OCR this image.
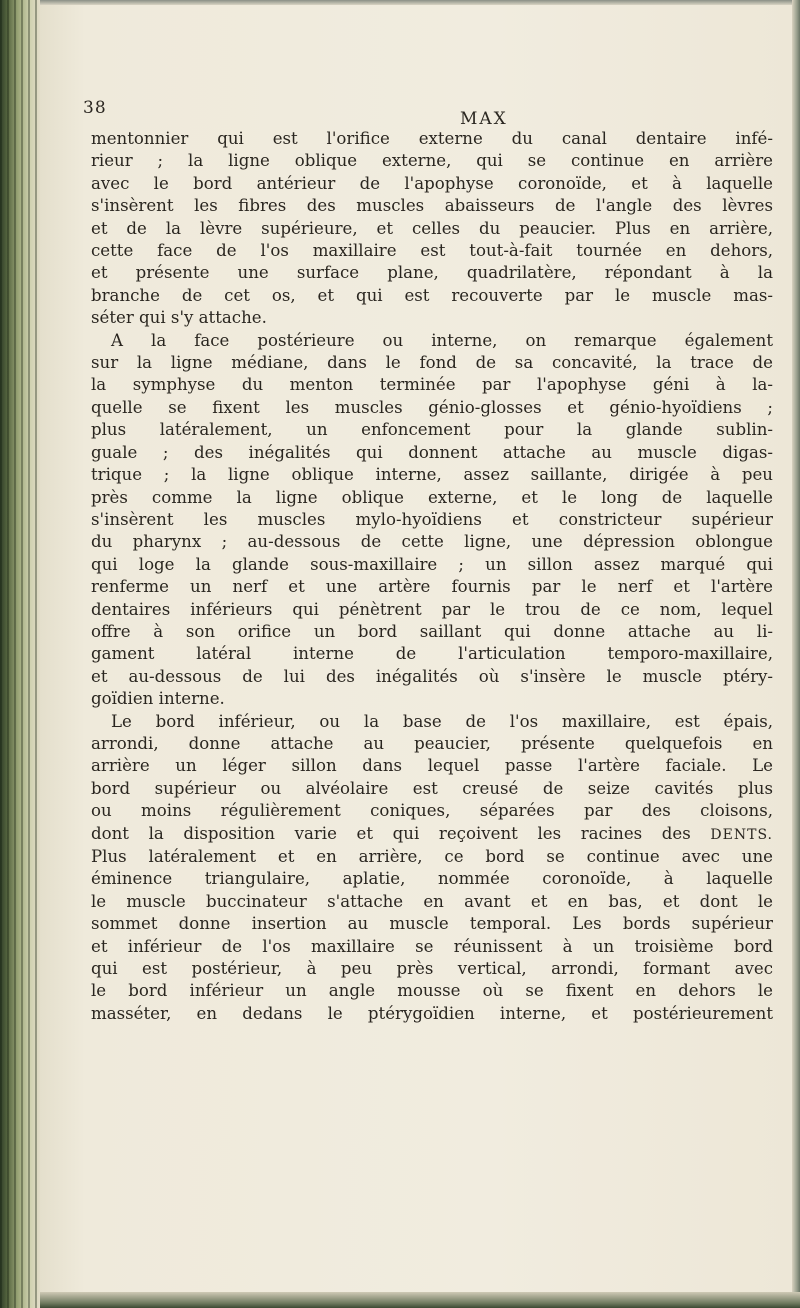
38
MAX
mentonnier qui est l'orifice externe du canal dentaire infé-
rieur ; la ligne oblique externe, qui se continue en arrière
avec le bord antérieur de l'apophyse coronoïde, et à laquelle
s'insèrent les fibres des muscles abaisseurs de l'angle des lèvres
et de la lèvre supérieure, et celles du peaucier. Plus en arrière,
cette face de l'os maxillaire est tout-à-fait tournée en dehors,
et présente une surface plane, quadrilatère, répondant à la
branche de cet os, et qui est recouverte par le muscle mas-
séter qui s'y attache.
A la face postérieure ou interne, on remarque également
sur la ligne médiane, dans le fond de sa concavité, la trace de
la symphyse du menton terminée par l'apophyse géni à la-
quelle se fixent les muscles génio-glosses et génio-hyoïdiens ;
plus latéralement, un enfoncement pour la glande sublin-
guale ; des inégalités qui donnent attache au muscle digas-
trique ; la ligne oblique interne, assez saillante, dirigée à peu
près comme la ligne oblique externe, et le long de laquelle
s'insèrent les muscles mylo-hyoïdiens et constricteur supérieur
du pharynx ; au-dessous de cette ligne, une dépression oblongue
qui loge la glande sous-maxillaire ; un sillon assez marqué qui
renferme un nerf et une artère fournis par le nerf et l'artère
dentaires inférieurs qui pénètrent par le trou de ce nom, lequel
offre à son orifice un bord saillant qui donne attache au li-
gament latéral interne de l'articulation temporo-maxillaire,
et au-dessous de lui des inégalités où s'insère le muscle ptéry-
goïdien interne.
Le bord inférieur, ou la base de l'os maxillaire, est épais,
arrondi, donne attache au peaucier, présente quelquefois en
arrière un léger sillon dans lequel passe l'artère faciale. Le
bord supérieur ou alvéolaire est creusé de seize cavités plus
ou moins régulièrement coniques, séparées par des cloisons,
dont la disposition varie et qui reçoivent les racines des DENTS.
Plus latéralement et en arrière, ce bord se continue avec une
éminence triangulaire, aplatie, nommée coronoïde, à laquelle
le muscle buccinateur s'attache en avant et en bas, et dont le
sommet donne insertion au muscle temporal. Les bords supérieur
et inférieur de l'os maxillaire se réunissent à un troisième bord
qui est postérieur, à peu près vertical, arrondi, formant avec
le bord inférieur un angle mousse où se fixent en dehors le
masséter, en dedans le ptérygoïdien interne, et postérieurement
